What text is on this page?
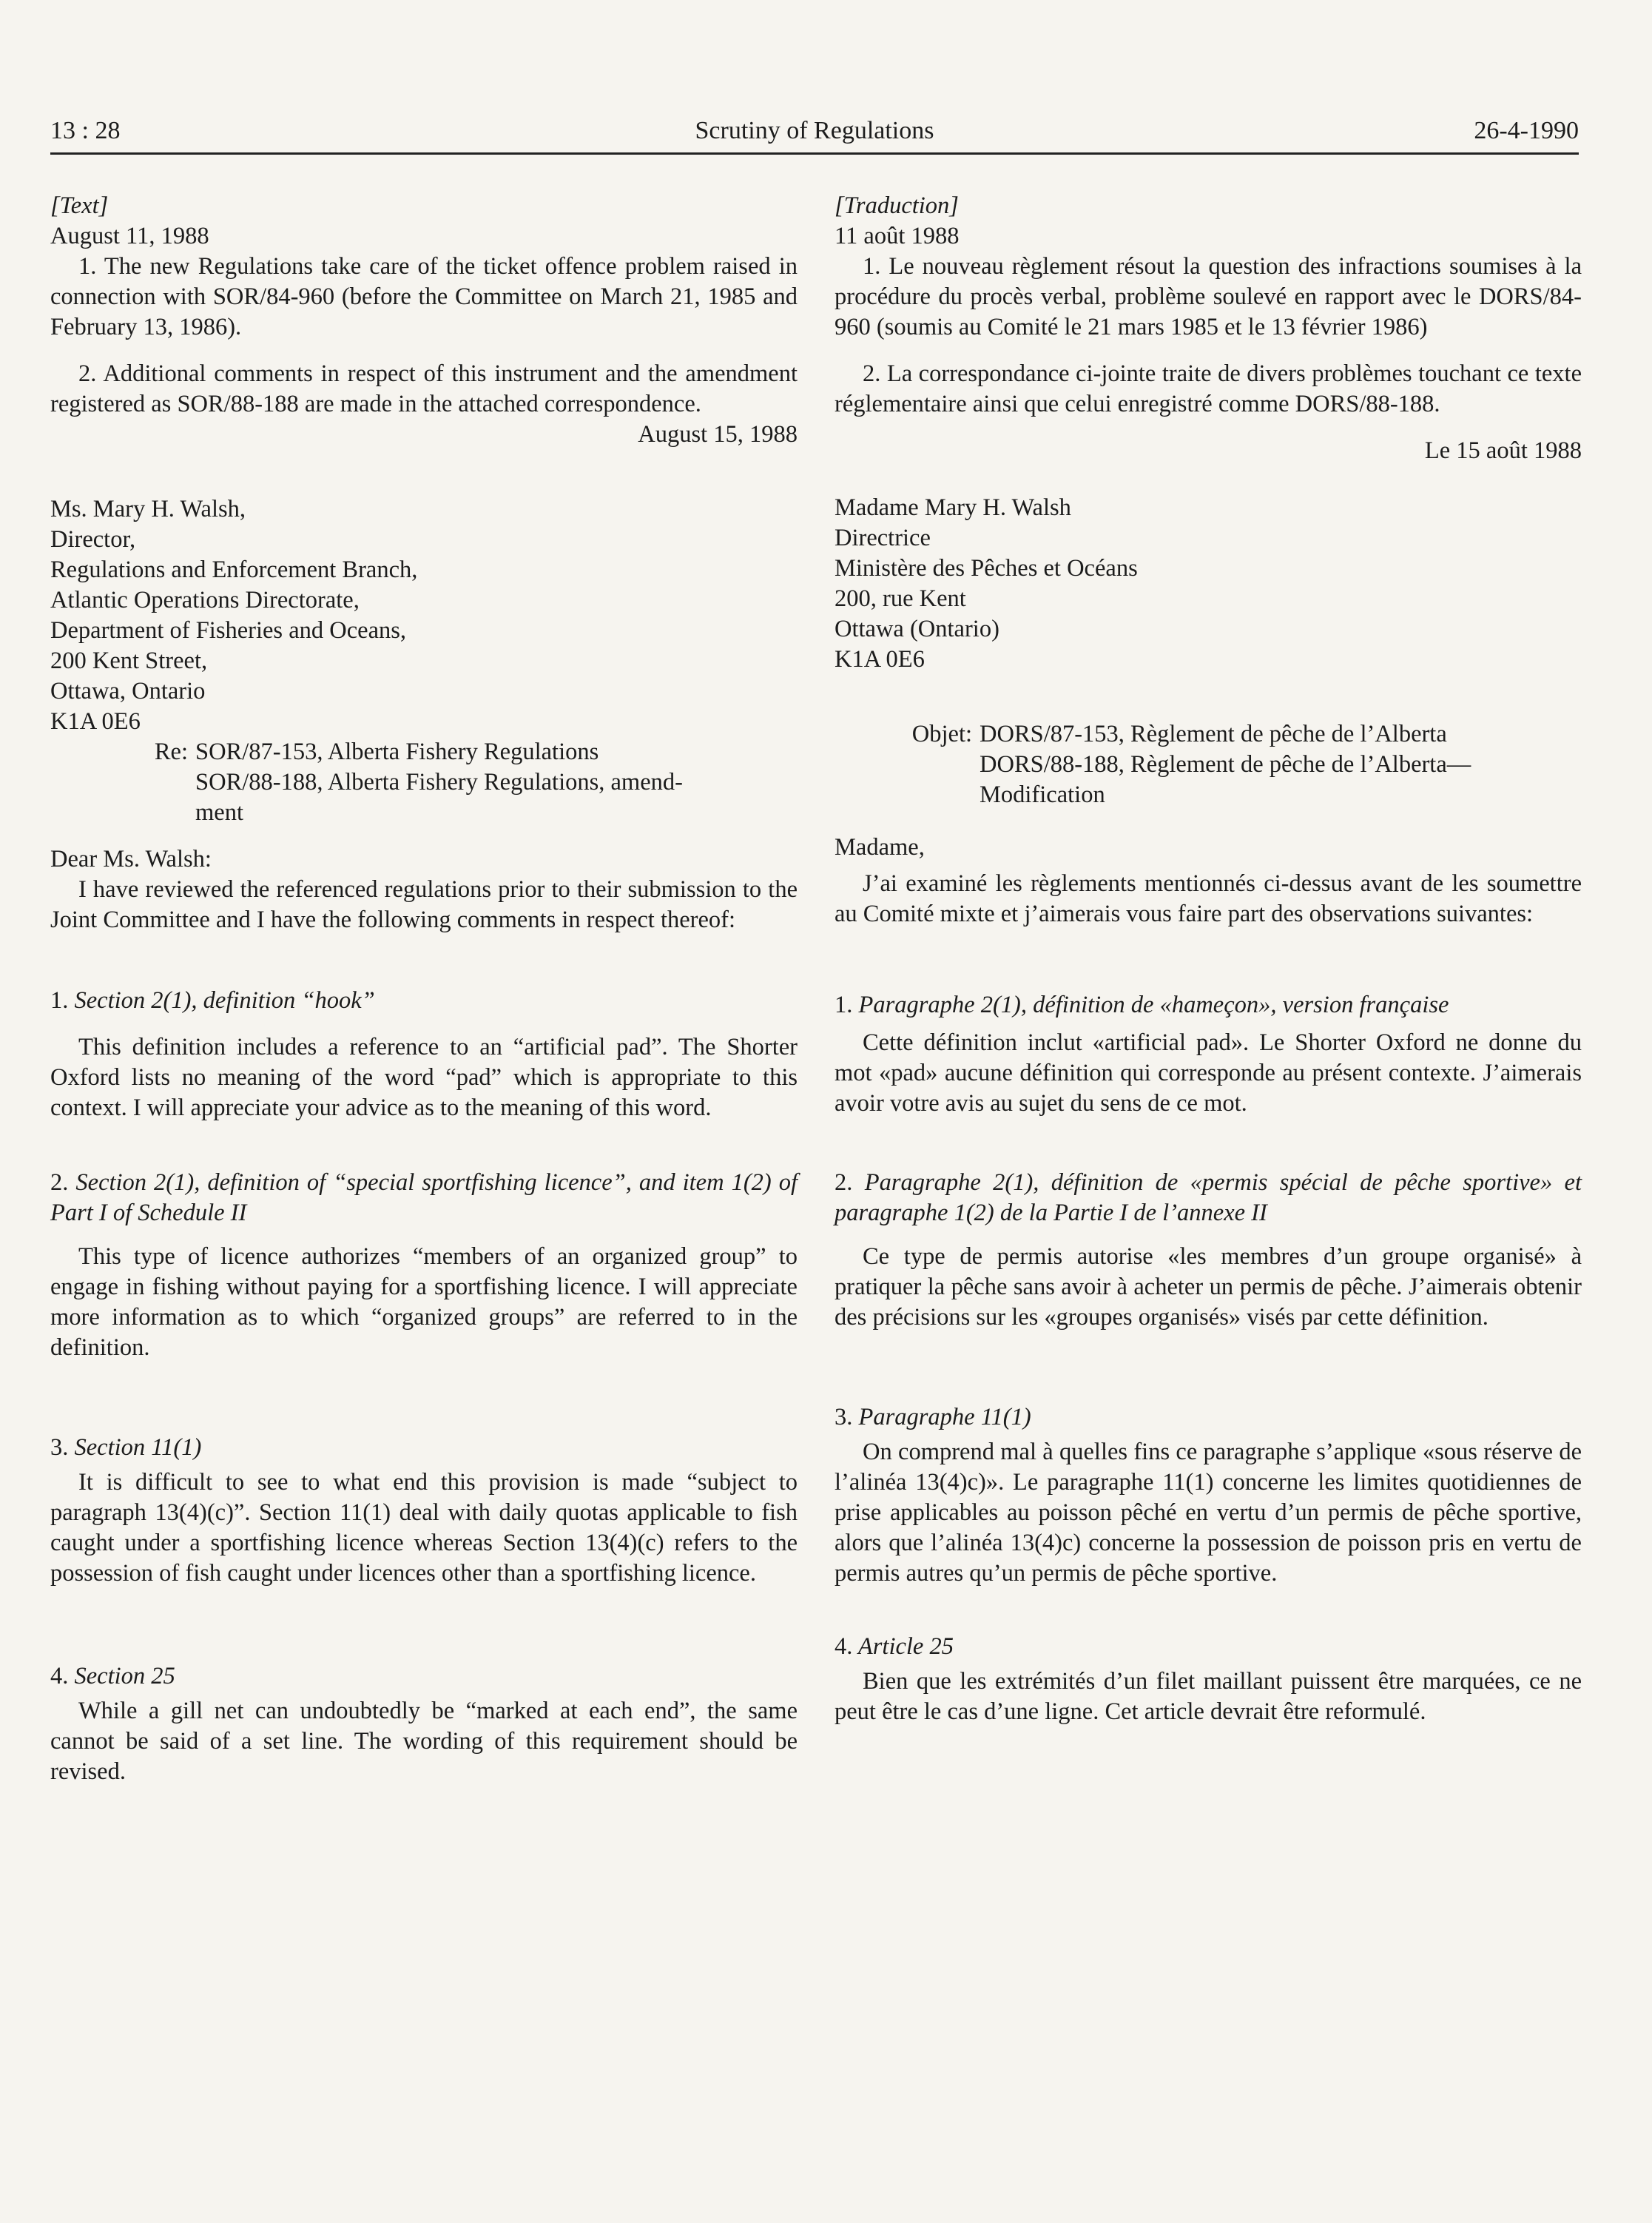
13 : 28	Scrutiny of Regulations	26-4-1990

[Text]

August 11, 1988

1. The new Regulations take care of the ticket offence problem raised in connection with SOR/84-960 (before the Committee on March 21, 1985 and February 13, 1986).

2. Additional comments in respect of this instrument and the amendment registered as SOR/88-188 are made in the attached correspondence.

August 15, 1988

Ms. Mary H. Walsh,

Director,

Regulations and Enforcement Branch,

Atlantic Operations Directorate,

Department of Fisheries and Oceans,

200 Kent Street,

Ottawa, Ontario

K1A 0E6

Re: SOR/87-153, Alberta Fishery Regulations
SOR/88-188, Alberta Fishery Regulations, amend-
ment

Dear Ms. Walsh:

I have reviewed the referenced regulations prior to their submission to the Joint Committee and I have the following comments in respect thereof:

1. Section 2(1), definition “hook”

This definition includes a reference to an “artificial pad”. The Shorter Oxford lists no meaning of the word “pad” which is appropriate to this context. I will appreciate your advice as to the meaning of this word.

2. Section 2(1), definition of “special sportfishing licence”, and item 1(2) of Part I of Schedule II

This type of licence authorizes “members of an organized group” to engage in fishing without paying for a sportfishing licence. I will appreciate more information as to which “organized groups” are referred to in the definition.

3. Section 11(1)

It is difficult to see to what end this provision is made “subject to paragraph 13(4)(c)”. Section 11(1) deal with daily quotas applicable to fish caught under a sportfishing licence whereas Section 13(4)(c) refers to the possession of fish caught under licences other than a sportfishing licence.

4. Section 25

While a gill net can undoubtedly be “marked at each end”, the same cannot be said of a set line. The wording of this requirement should be revised.

[Traduction]

11 août 1988

1. Le nouveau règlement résout la question des infractions soumises à la procédure du procès verbal, problème soulevé en rapport avec le DORS/84-960 (soumis au Comité le 21 mars 1985 et le 13 février 1986)

2. La correspondance ci-jointe traite de divers problèmes touchant ce texte réglementaire ainsi que celui enregistré comme DORS/88-188.

Le 15 août 1988

Madame Mary H. Walsh

Directrice

Ministère des Pêches et Océans

200, rue Kent

Ottawa (Ontario)

K1A 0E6

Objet: DORS/87-153, Règlement de pêche de l’Alberta
DORS/88-188, Règlement de pêche de l’Alberta—
Modification

Madame,

J’ai examiné les règlements mentionnés ci-dessus avant de les soumettre au Comité mixte et j’aimerais vous faire part des observations suivantes:

1. Paragraphe 2(1), définition de «hameçon», version française

Cette définition inclut «artificial pad». Le Shorter Oxford ne donne du mot «pad» aucune définition qui corresponde au présent contexte. J’aimerais avoir votre avis au sujet du sens de ce mot.

2. Paragraphe 2(1), définition de «permis spécial de pêche sportive» et paragraphe 1(2) de la Partie I de l’annexe II

Ce type de permis autorise «les membres d’un groupe organisé» à pratiquer la pêche sans avoir à acheter un permis de pêche. J’aimerais obtenir des précisions sur les «groupes organisés» visés par cette définition.

3. Paragraphe 11(1)

On comprend mal à quelles fins ce paragraphe s’applique «sous réserve de l’alinéa 13(4)c)». Le paragraphe 11(1) concerne les limites quotidiennes de prise applicables au poisson pêché en vertu d’un permis de pêche sportive, alors que l’alinéa 13(4)c) concerne la possession de poisson pris en vertu de permis autres qu’un permis de pêche sportive.

4. Article 25

Bien que les extrémités d’un filet maillant puissent être marquées, ce ne peut être le cas d’une ligne. Cet article devrait être reformulé.
